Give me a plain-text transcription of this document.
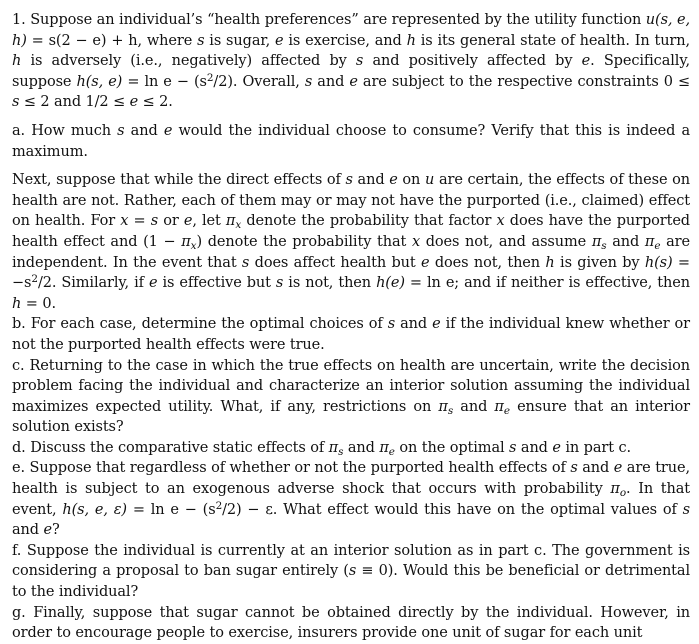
1. Suppose an individual’s “health preferences” are represented by the utility function u(s, e, h) = s(2 − e) + h, where s is sugar, e is exercise, and h is its general state of health. In turn, h is adversely (i.e., negatively) affected by s and positively affected by e. Specifically, suppose h(s, $e) = \ln e - (s^2/2)$. Overall, s and e are subject to the respective constraints 0 ≤ s ≤ 2 and 1/2 ≤ e ≤ 2.

a. How much s and e would the individual choose to consume? Verify that this is indeed a maximum.

Next, suppose that while the direct effects of s and e on u are certain, the effects of these on health are not. Rather, each of them may or may not have the purported (i.e., claimed) effect on health. For x = s or e, let $\pi_x$ denote the probability that factor x does have the purported health effect and $(1 - \pi_x)$ denote the probability that x does not, and assume $\pi_s$ and $\pi_e$ are independent. In the event that s does affect health but e does not, then h is given by $h(s) = -s^2/2$. Similarly, if e is effective but s is not, then h(e) = ln e; and if neither is effective, then h = 0.

b. For each case, determine the optimal choices of s and e if the individual knew whether or not the purported health effects were true.

c. Returning to the case in which the true effects on health are uncertain, write the decision problem facing the individual and characterize an interior solution assuming the individual maximizes expected utility. What, if any, restrictions on $\pi_s$ and $\pi_e$ ensure that an interior solution exists?

d. Discuss the comparative static effects of $\pi_s$ and $\pi_e$ on the optimal s and e in part c.

e. Suppose that regardless of whether or not the purported health effects of s and e are true, health is subject to an exogenous adverse shock that occurs with probability $\pi_o$. In that event, h(s, e, $\varepsilon) = \ln e - (s^2/2) - \varepsilon$. What effect would this have on the optimal values of s and e?

f. Suppose the individual is currently at an interior solution as in part c. The government is considering a proposal to ban sugar entirely (s ≡ 0). Would this be beneficial or detrimental to the individual?

g. Finally, suppose that sugar cannot be obtained directly by the individual. However, in order to encourage people to exercise, insurers provide one unit of sugar for each unit
